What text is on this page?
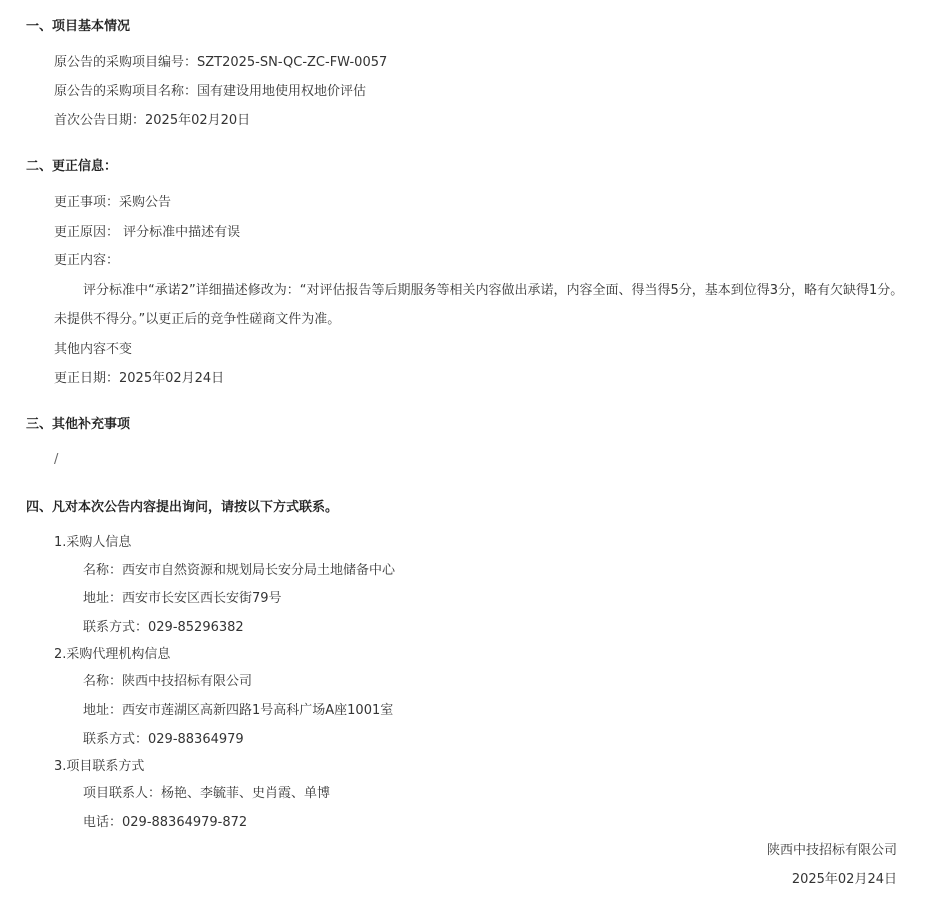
一、项目基本情况
原公告的采购项目编号：SZT2025-SN-QC-ZC-FW-0057
原公告的采购项目名称：国有建设用地使用权地价评估
首次公告日期：2025年02月20日
二、更正信息：
更正事项：采购公告
更正原因： 评分标准中描述有误
更正内容：
评分标准中“承诺2”详细描述修改为：“对评估报告等后期服务等相关内容做出承诺，内容全面、得当得5分，基本到位得3分，略有欠缺得1分。
未提供不得分。”以更正后的竞争性磋商文件为准。
其他内容不变
更正日期：2025年02月24日
三、其他补充事项
/
四、凡对本次公告内容提出询问，请按以下方式联系。
1.采购人信息
名称：西安市自然资源和规划局长安分局土地储备中心
地址：西安市长安区西长安街79号
联系方式：029-85296382
2.采购代理机构信息
名称：陕西中技招标有限公司
地址：西安市莲湖区高新四路1号高科广场A座1001室
联系方式：029-88364979
3.项目联系方式
项目联系人：杨艳、李毓菲、史肖霞、单博
电话：029-88364979-872
陕西中技招标有限公司
2025年02月24日
